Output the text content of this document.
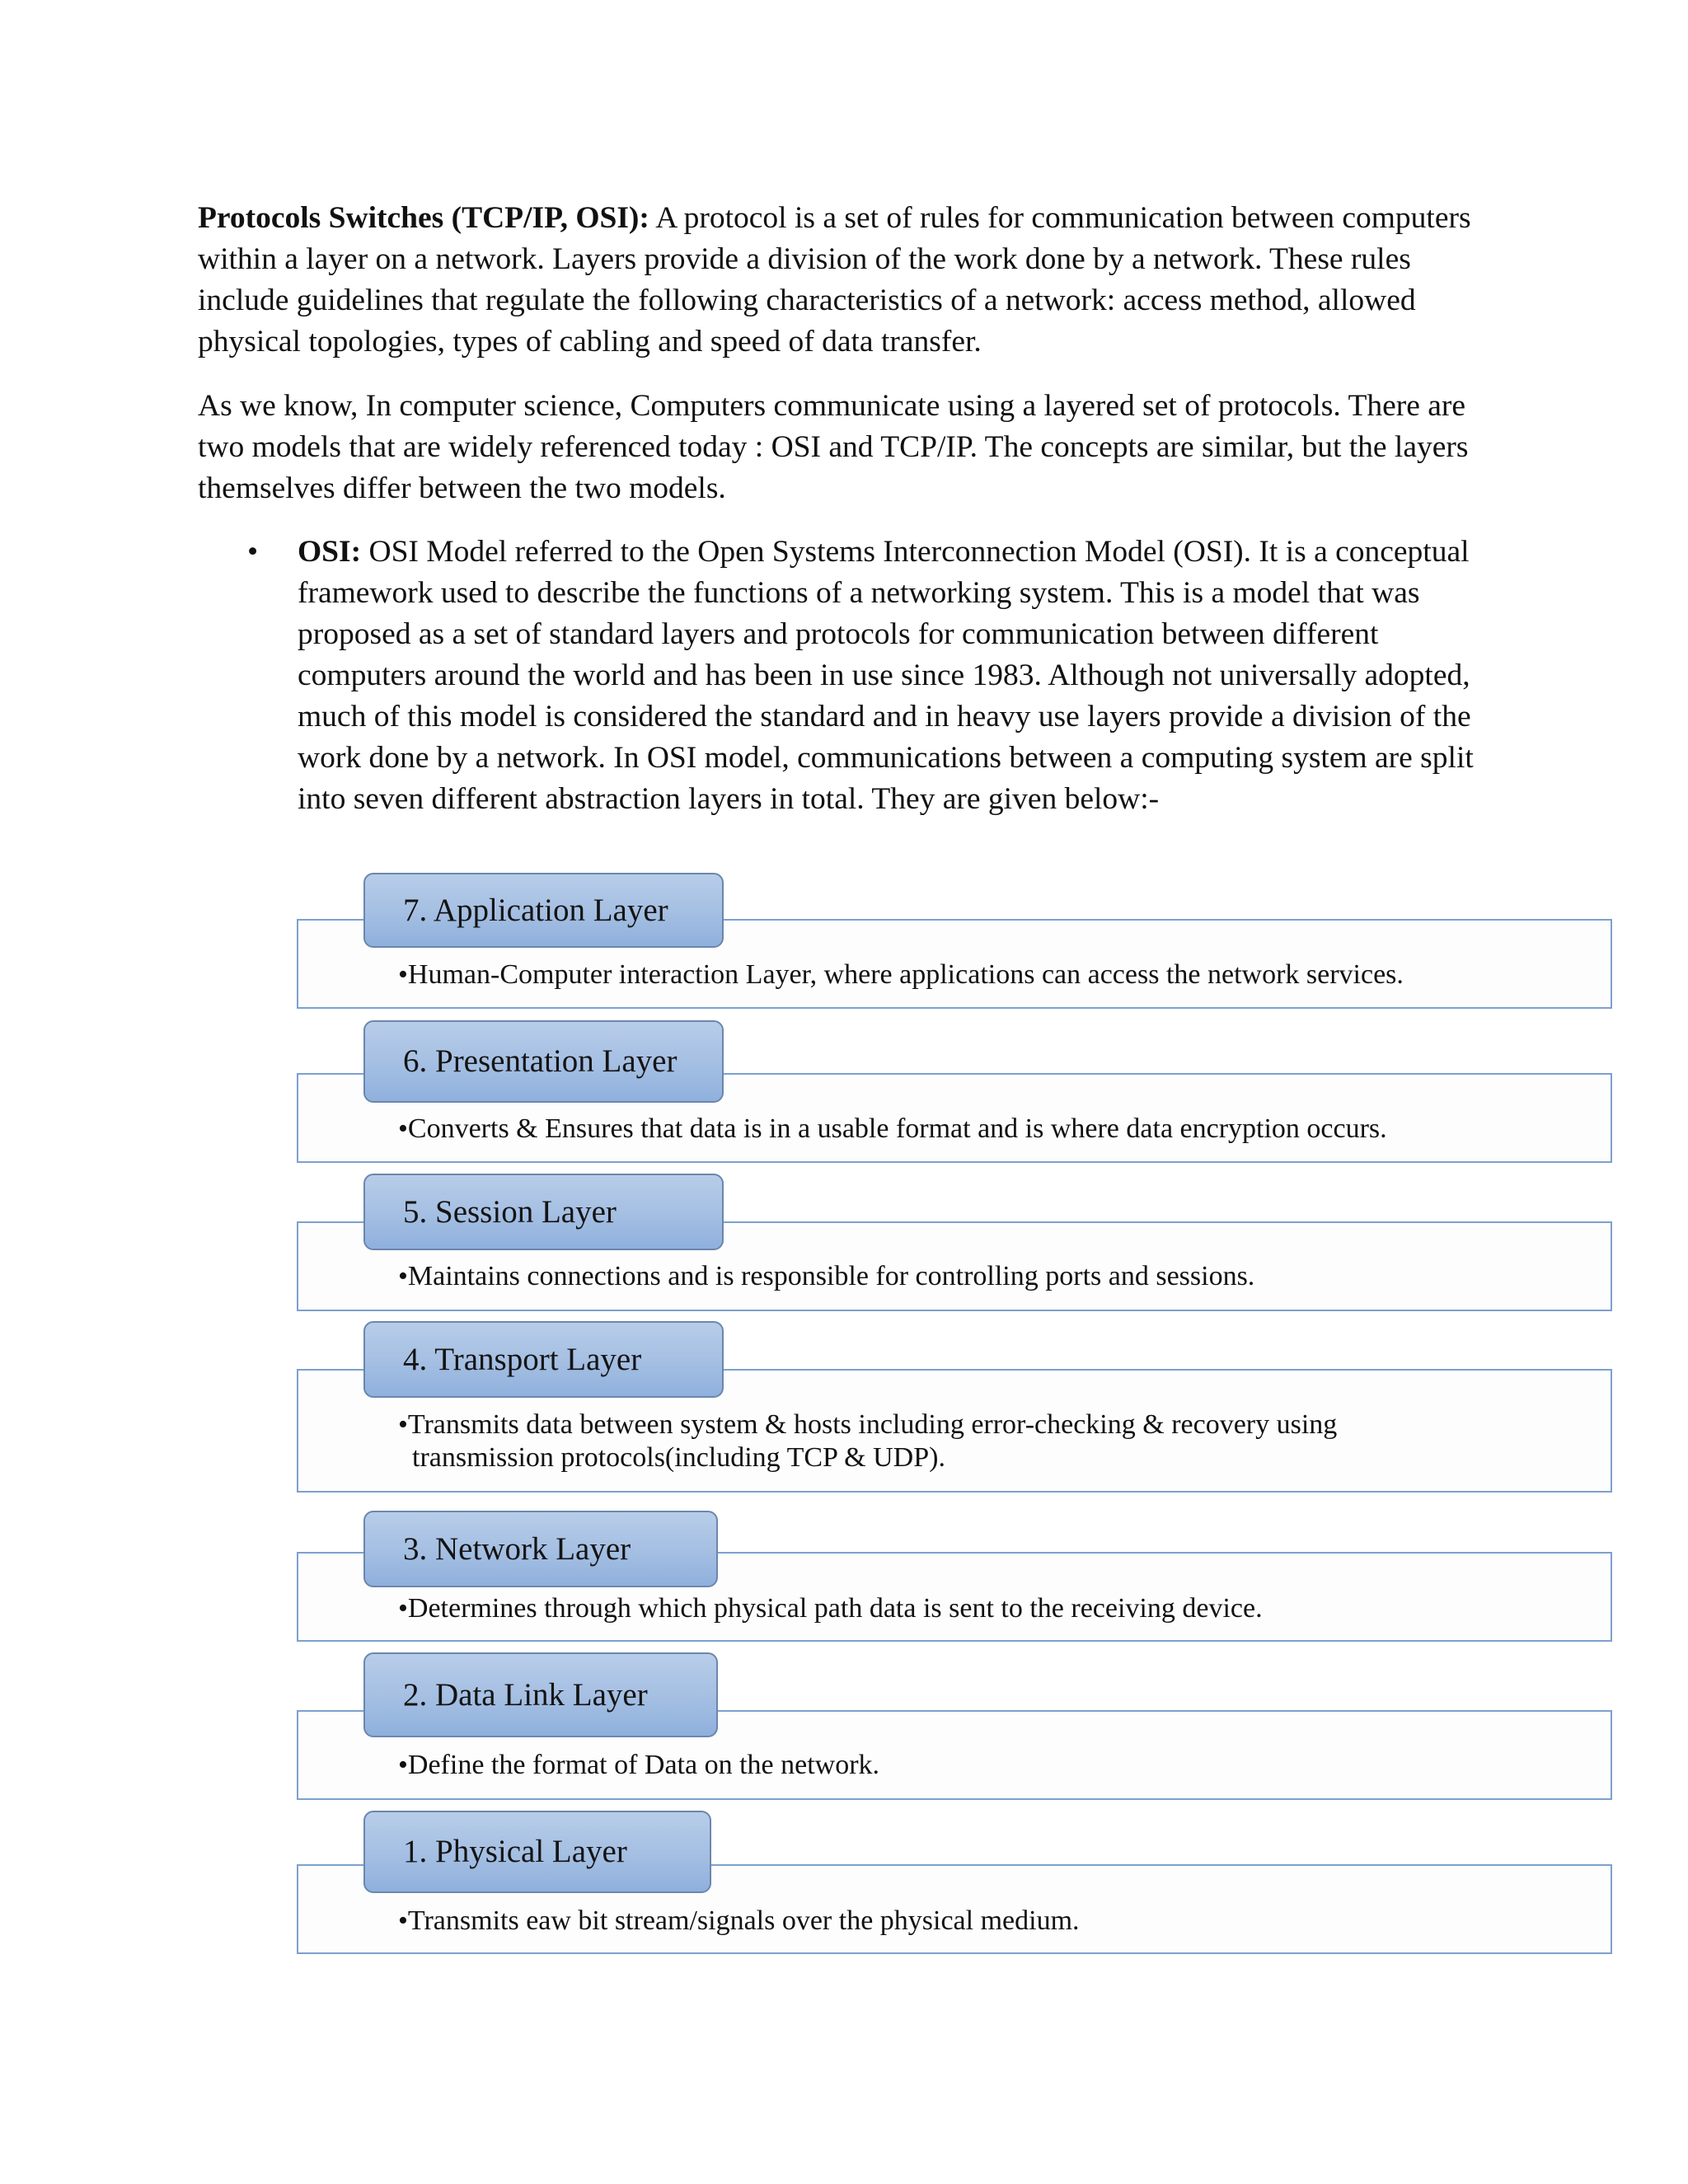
Protocols Switches (TCP/IP, OSI): A protocol is a set of rules for communication between computers within a layer on a network. Layers provide a division of the work done by a network. These rules include guidelines that regulate the following characteristics of a network: access method, allowed physical topologies, types of cabling and speed of data transfer.
As we know, In computer science, Computers communicate using a layered set of protocols. There are two models that are widely referenced today : OSI and TCP/IP. The concepts are similar, but the layers themselves differ between the two models.
• OSI: OSI Model referred to the Open Systems Interconnection Model (OSI). It is a conceptual framework used to describe the functions of a networking system. This is a model that was proposed as a set of standard layers and protocols for communication between different computers around the world and has been in use since 1983. Although not universally adopted, much of this model is considered the standard and in heavy use layers provide a division of the work done by a network. In OSI model, communications between a computing system are split into seven different abstraction layers in total. They are given below:-
•Human-Computer interaction Layer, where applications can access the network services.
7. Application Layer
•Converts & Ensures that data is in a usable format and is where data encryption occurs.
6. Presentation Layer
•Maintains connections and is responsible for controlling ports and sessions.
5. Session Layer
•Transmits data between system & hosts including error-checking & recovery using
transmission protocols(including TCP & UDP).
4. Transport Layer
•Determines through which physical path data is sent to the receiving device.
3. Network Layer
•Define the format of Data on the network.
2. Data Link Layer
•Transmits eaw bit stream/signals over the physical medium.
1. Physical Layer
